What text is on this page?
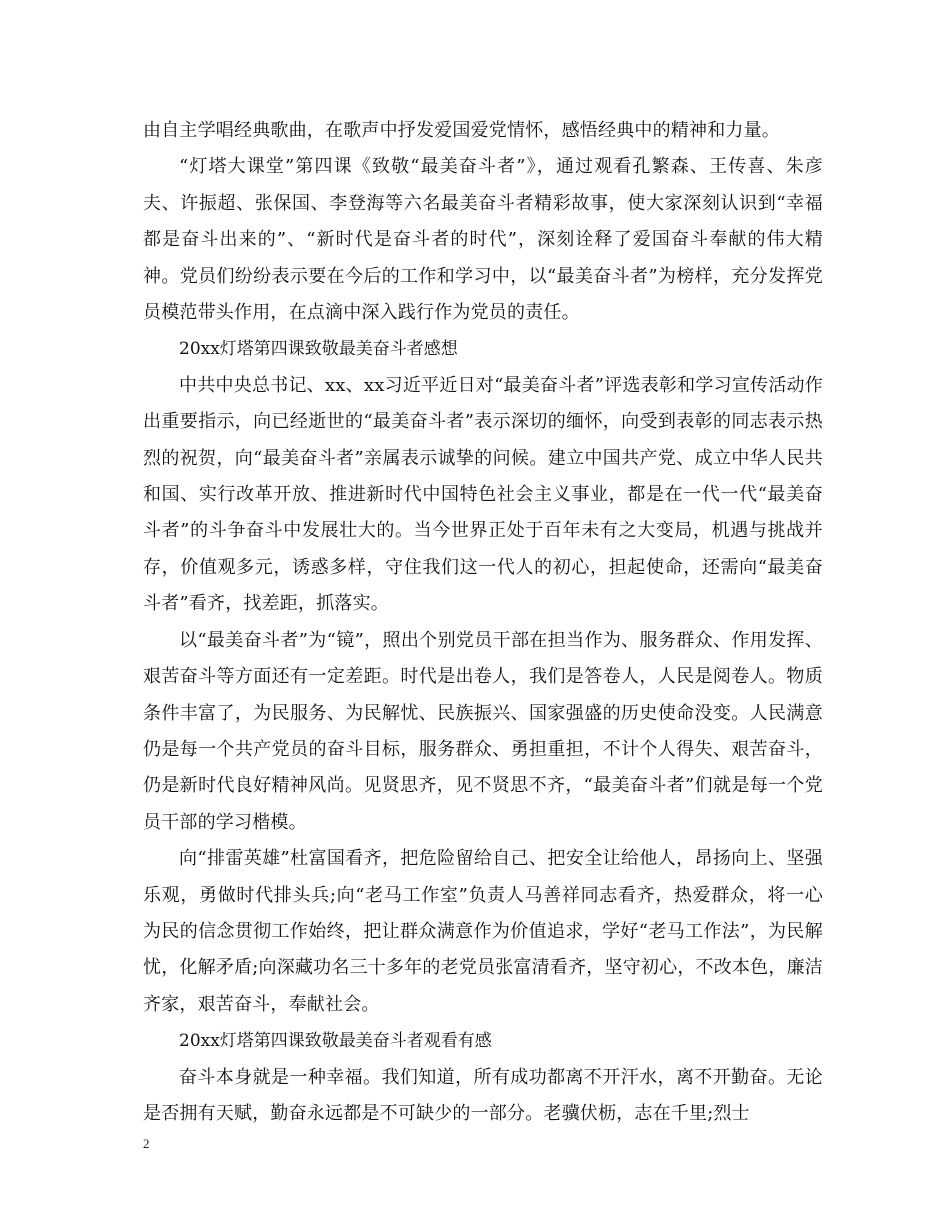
由自主学唱经典歌曲，在歌声中抒发爱国爱党情怀，感悟经典中的精神和力量。

“灯塔大课堂”第四课《致敬“最美奋斗者”》，通过观看孔繁森、王传喜、朱彦夫、许振超、张保国、李登海等六名最美奋斗者精彩故事，使大家深刻认识到“幸福都是奋斗出来的”、“新时代是奋斗者的时代”，深刻诠释了爱国奋斗奉献的伟大精神。党员们纷纷表示要在今后的工作和学习中，以“最美奋斗者”为榜样，充分发挥党员模范带头作用，在点滴中深入践行作为党员的责任。

20xx灯塔第四课致敬最美奋斗者感想

中共中央总书记、xx、xx习近平近日对“最美奋斗者”评选表彰和学习宣传活动作出重要指示，向已经逝世的“最美奋斗者”表示深切的缅怀，向受到表彰的同志表示热烈的祝贺，向“最美奋斗者”亲属表示诚挚的问候。建立中国共产党、成立中华人民共和国、实行改革开放、推进新时代中国特色社会主义事业，都是在一代一代“最美奋斗者”的斗争奋斗中发展壮大的。当今世界正处于百年未有之大变局，机遇与挑战并存，价值观多元，诱惑多样，守住我们这一代人的初心，担起使命，还需向“最美奋斗者”看齐，找差距，抓落实。

以“最美奋斗者”为“镜”，照出个别党员干部在担当作为、服务群众、作用发挥、艰苦奋斗等方面还有一定差距。时代是出卷人，我们是答卷人，人民是阅卷人。物质条件丰富了，为民服务、为民解忧、民族振兴、国家强盛的历史使命没变。人民满意仍是每一个共产党员的奋斗目标，服务群众、勇担重担，不计个人得失、艰苦奋斗，仍是新时代良好精神风尚。见贤思齐，见不贤思不齐，“最美奋斗者”们就是每一个党员干部的学习楷模。

向“排雷英雄”杜富国看齐，把危险留给自己、把安全让给他人，昂扬向上、坚强乐观，勇做时代排头兵;向“老马工作室”负责人马善祥同志看齐，热爱群众，将一心为民的信念贯彻工作始终，把让群众满意作为价值追求，学好“老马工作法”，为民解忧，化解矛盾;向深藏功名三十多年的老党员张富清看齐，坚守初心，不改本色，廉洁齐家，艰苦奋斗，奉献社会。

20xx灯塔第四课致敬最美奋斗者观看有感

奋斗本身就是一种幸福。我们知道，所有成功都离不开汗水，离不开勤奋。无论是否拥有天赋，勤奋永远都是不可缺少的一部分。老骥伏枥，志在千里;烈士

2
